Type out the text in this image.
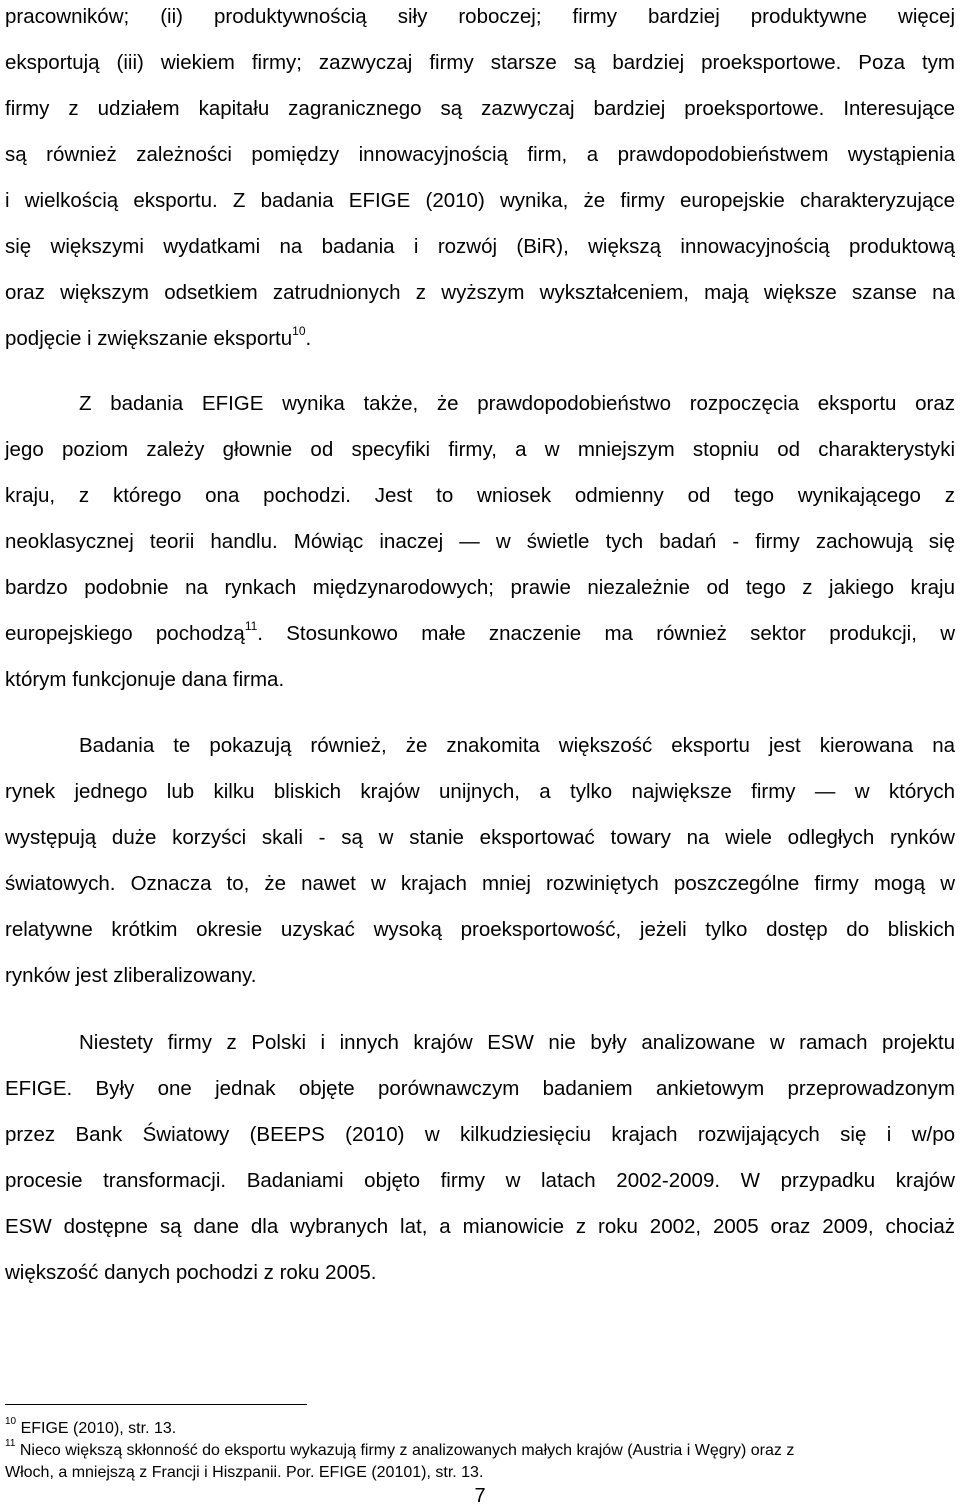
pracowników; (ii) produktywnością siły roboczej; firmy bardziej produktywne więcej
eksportują (iii) wiekiem firmy; zazwyczaj firmy starsze są bardziej proeksportowe. Poza tym
firmy z udziałem kapitału zagranicznego są zazwyczaj bardziej proeksportowe. Interesujące
są również zależności pomiędzy innowacyjnością firm, a prawdopodobieństwem wystąpienia
i wielkością eksportu. Z badania EFIGE (2010) wynika, że firmy europejskie charakteryzujące
się większymi wydatkami na badania i rozwój (BiR), większą innowacyjnością produktową
oraz większym odsetkiem zatrudnionych z wyższym wykształceniem, mają większe szanse na
podjęcie i zwiększanie eksportu$^{10}$.
Z badania EFIGE wynika także, że prawdopodobieństwo rozpoczęcia eksportu oraz
jego poziom zależy głownie od specyfiki firmy, a w mniejszym stopniu od charakterystyki
kraju, z którego ona pochodzi. Jest to wniosek odmienny od tego wynikającego z
neoklasycznej teorii handlu. Mówiąc inaczej — w świetle tych badań - firmy zachowują się
bardzo podobnie na rynkach międzynarodowych; prawie niezależnie od tego z jakiego kraju
europejskiego pochodzą$^{11}$. Stosunkowo małe znaczenie ma również sektor produkcji, w
którym funkcjonuje dana firma.
Badania te pokazują również, że znakomita większość eksportu jest kierowana na
rynek jednego lub kilku bliskich krajów unijnych, a tylko największe firmy — w których
występują duże korzyści skali - są w stanie eksportować towary na wiele odległych rynków
światowych. Oznacza to, że nawet w krajach mniej rozwiniętych poszczególne firmy mogą w
relatywne krótkim okresie uzyskać wysoką proeksportowość, jeżeli tylko dostęp do bliskich
rynków jest zliberalizowany.
Niestety firmy z Polski i innych krajów ESW nie były analizowane w ramach projektu
EFIGE. Były one jednak objęte porównawczym badaniem ankietowym przeprowadzonym
przez Bank Światowy (BEEPS (2010) w kilkudziesięciu krajach rozwijających się i w/po
procesie transformacji. Badaniami objęto firmy w latach 2002-2009. W przypadku krajów
ESW dostępne są dane dla wybranych lat, a mianowicie z roku 2002, 2005 oraz 2009, chociaż
większość danych pochodzi z roku 2005.
$^{10}$ EFIGE (2010), str. 13.
$^{11}$ Nieco większą skłonność do eksportu wykazują firmy z analizowanych małych krajów (Austria i Węgry) oraz z
Włoch, a mniejszą z Francji i Hiszpanii. Por. EFIGE (20101), str. 13.
7
